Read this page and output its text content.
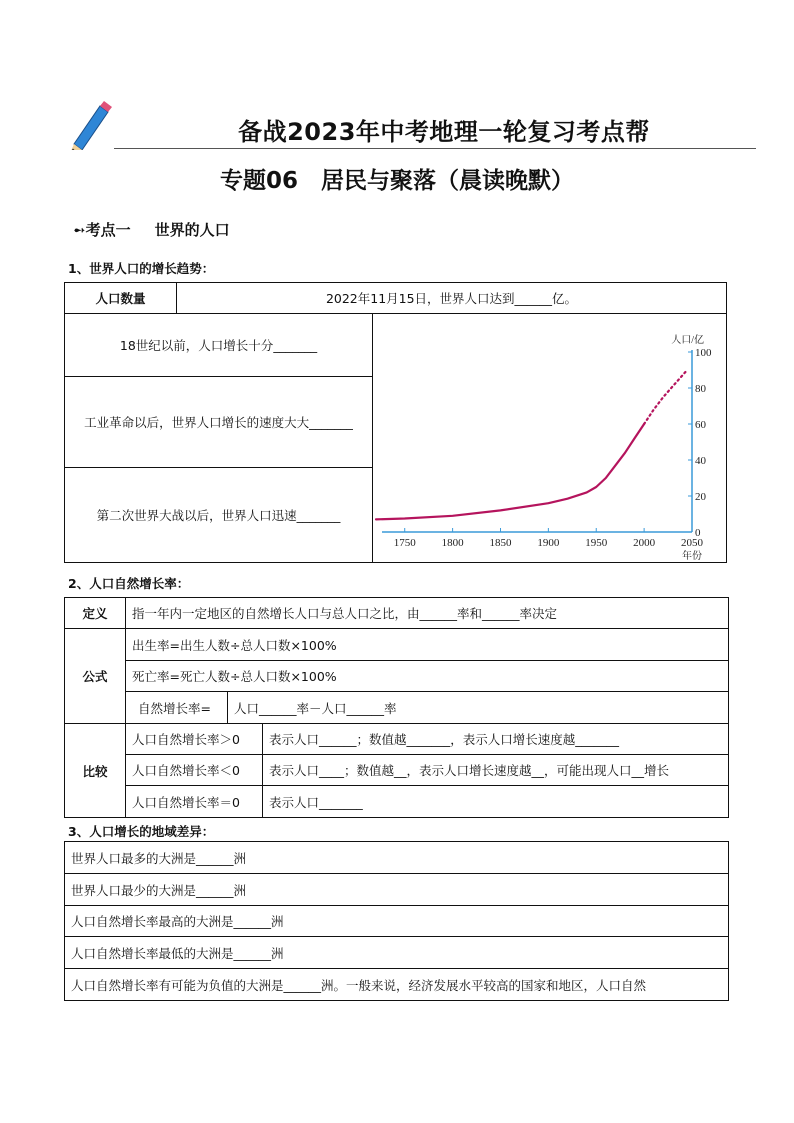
备战2023年中考地理一轮复习考点帮
专题06　居民与聚落（晨读晚默）
➻考点一 世界的人口
1、世界人口的增长趋势：
人口数量	2022年11月15日，世界人口达到______亿。
18世纪以前，人口增长十分_______
工业革命以后，世界人口增长的速度大大_______
第二次世界大战以后，世界人口迅速_______
0
20
40
60
80
100
1750 1800 1850 1900 1950 2000 2050
人口/亿
年份
2、人口自然增长率：
定义	指一年内一定地区的自然增长人口与总人口之比，由______率和______率决定
公式
出生率=出生人数÷总人口数×100%
死亡率=死亡人数÷总人口数×100%
自然增长率=	人口______率－人口______率
比较
人口自然增长率＞0	表示人口______；数值越_______，表示人口增长速度越_______
人口自然增长率＜0	表示人口____；数值越__，表示人口增长速度越__，可能出现人口__增长
人口自然增长率＝0	表示人口_______
3、人口增长的地域差异：
世界人口最多的大洲是______洲
世界人口最少的大洲是______洲
人口自然增长率最高的大洲是______洲
人口自然增长率最低的大洲是______洲
人口自然增长率有可能为负值的大洲是______洲。一般来说，经济发展水平较高的国家和地区，人口自然
